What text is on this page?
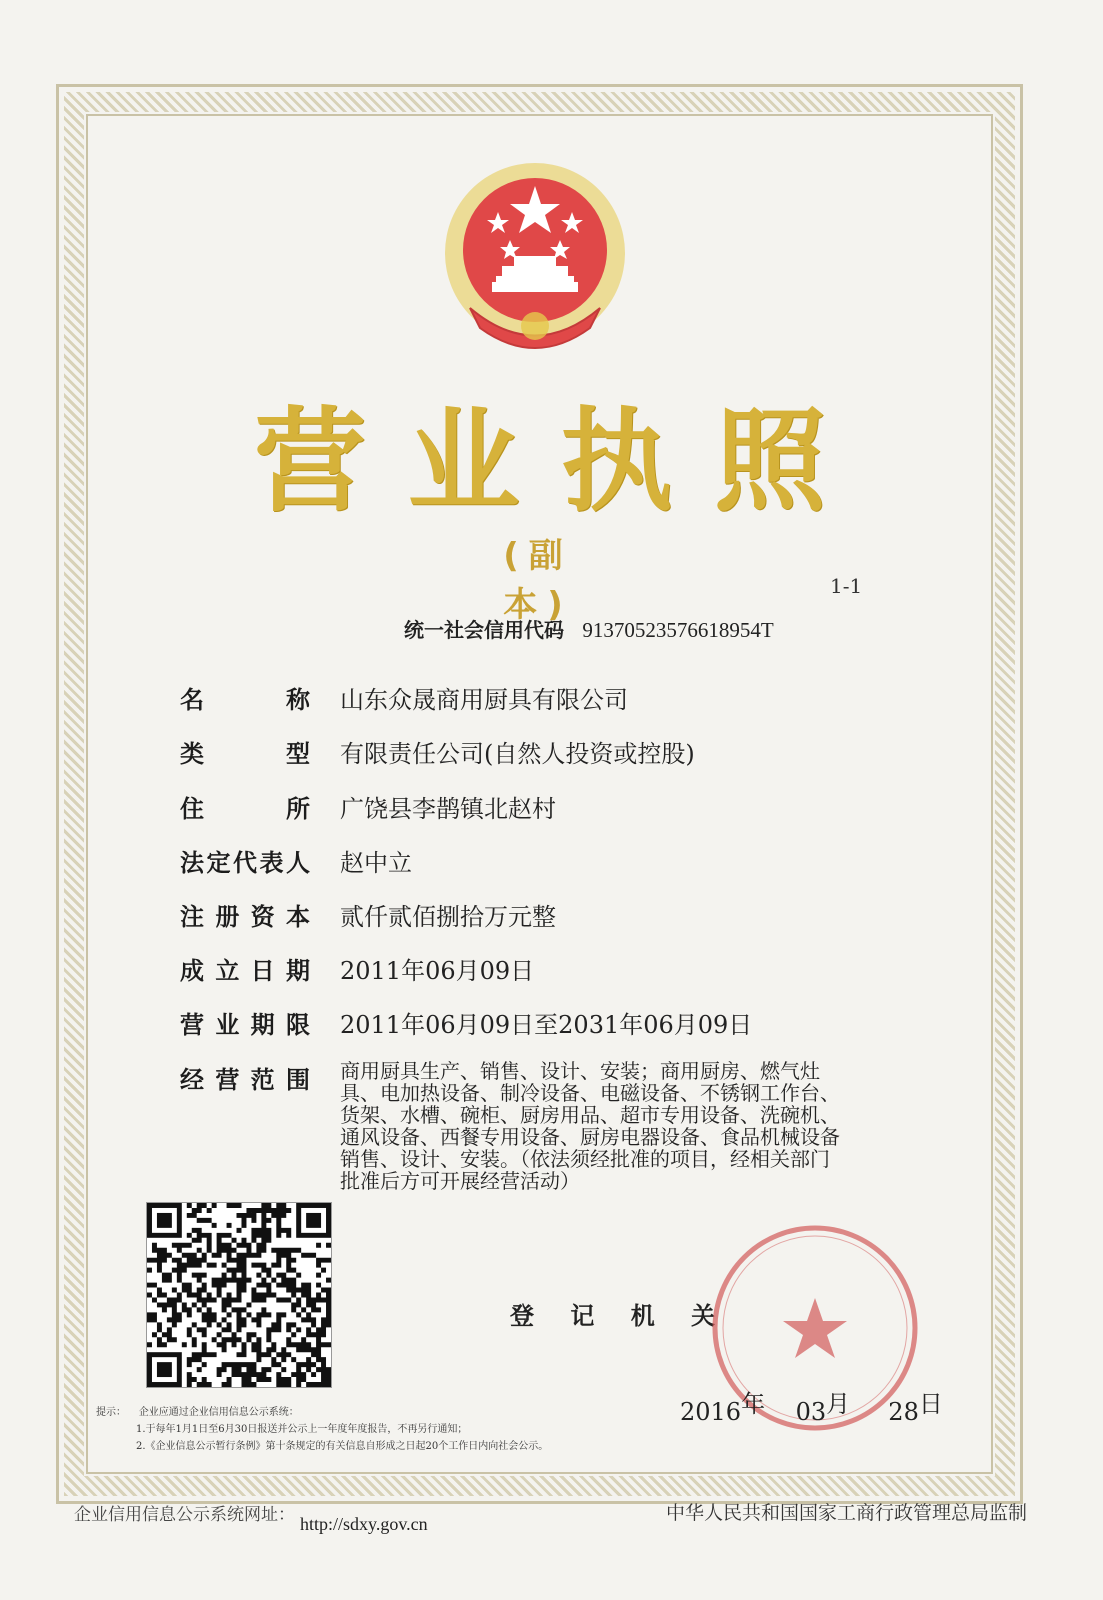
营 业 执 照
(副 本)	1-1
统一社会信用代码 91370523576618954T
名	称 山东众晟商用厨具有限公司
类	型 有限责任公司(自然人投资或控股)
住	所 广饶县李鹊镇北赵村
法 定 代 表 人 赵中立
注 册 资 本 贰仟贰佰捌拾万元整
成 立 日 期 2011年06月09日
营 业 期 限 2011年06月09日至2031年06月09日
经 营 范 围 商用厨具生产、销售、设计、安装；商用厨房、燃气灶
具、电加热设备、制冷设备、电磁设备、不锈钢工作台、
货架、水槽、碗柜、厨房用品、超市专用设备、洗碗机、
通风设备、西餐专用设备、厨房电器设备、食品机械设备
销售、设计、安装。（依法须经批准的项目，经相关部门
批准后方可开展经营活动）
登 记 机 关
2016年 03月 28日
提示： 企业应通过企业信用信息公示系统：
1.于每年1月1日至6月30日报送并公示上一年度年度报告，不再另行通知；
2.《企业信息公示暂行条例》第十条规定的有关信息自形成之日起20个工作日内向社会公示。
企业信用信息公示系统网址： http://sdxy.gov.cn	中华人民共和国国家工商行政管理总局监制
